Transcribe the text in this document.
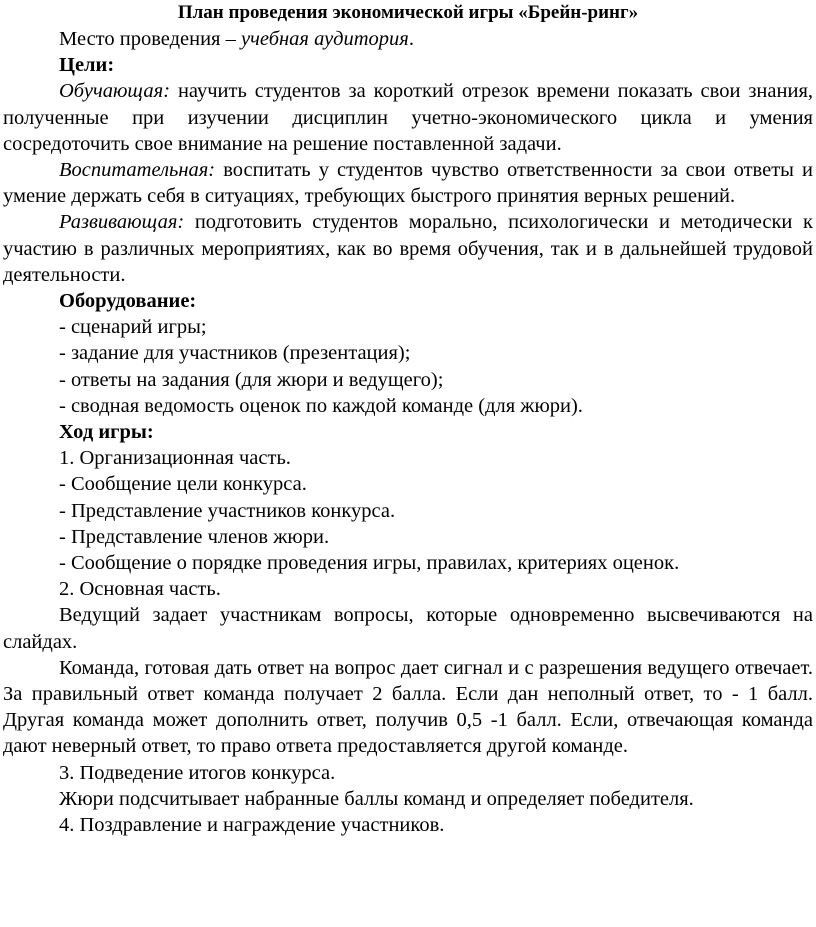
План проведения экономической игры «Брейн-ринг»

Место проведения – учебная аудитория.

Цели:

Обучающая: научить студентов за короткий отрезок времени показать свои знания, полученные при изучении дисциплин учетно-экономического цикла и умения сосредоточить свое внимание на решение поставленной задачи.

Воспитательная: воспитать у студентов чувство ответственности за свои ответы и умение держать себя в ситуациях, требующих быстрого принятия верных решений.

Развивающая: подготовить студентов морально, психологически и методически к участию в различных мероприятиях, как во время обучения, так и в дальнейшей трудовой деятельности.

Оборудование:

- сценарий игры;

- задание для участников (презентация);

- ответы на задания (для жюри и ведущего);

- сводная ведомость оценок по каждой команде (для жюри).

Ход игры:

1. Организационная часть.

- Сообщение цели конкурса.

- Представление участников конкурса.

- Представление членов жюри.

- Сообщение о порядке проведения игры, правилах, критериях оценок.

2. Основная часть.

Ведущий задает участникам вопросы, которые одновременно высвечиваются на слайдах.

Команда, готовая дать ответ на вопрос дает сигнал и с разрешения ведущего отвечает. За правильный ответ команда получает 2 балла. Если дан неполный ответ, то - 1 балл. Другая команда может дополнить ответ, получив 0,5 -1 балл. Если, отвечающая команда дают неверный ответ, то право ответа предоставляется другой команде.

3. Подведение итогов конкурса.

Жюри подсчитывает набранные баллы команд и определяет победителя.

4. Поздравление и награждение участников.
